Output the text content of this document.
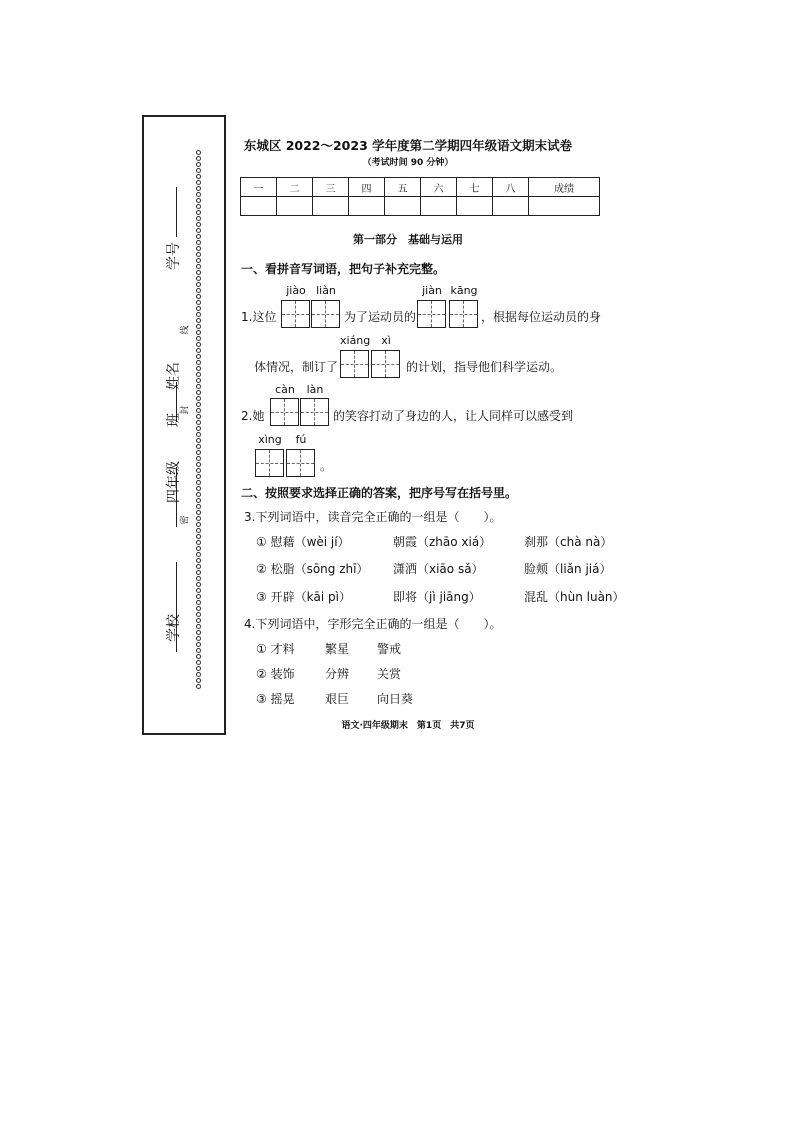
学校
四年级
班
姓名
学号
线
封
密
东城区 2022～2023 学年度第二学期四年级语文期末试卷
（考试时间 90 分钟）
一	二	三	四	五	六	七	八	成绩

第一部分　基础与运用
一、看拼音写词语，把句子补充完整。
jiào liàn	jiàn kāng
1.这位	为了运动员的	，根据每位运动员的身
xiáng xì
体情况，制订了	的计划，指导他们科学运动。
càn	làn
2.她	的笑容打动了身边的人，让人同样可以感受到
xìng	fú
。
二、按照要求选择正确的答案，把序号写在括号里。
3.下列词语中，读音完全正确的一组是（　　）。
① 慰藉（wèi jí）	朝霞（zhāo xiá）	刹那（chà nà）
② 松脂（sōng zhī） 潇洒（xiāo sǎ）	脸颊（liǎn jiá）
③ 开辟（kāi pì）	即将（jì jiāng）	混乱（hùn luàn）
4.下列词语中，字形完全正确的一组是（　　）。
① 才料	繁星 警戒
② 装饰	分辨 关赏
③ 摇晃	艰巨 向日葵
语文·四年级期末　第1页　共7页
